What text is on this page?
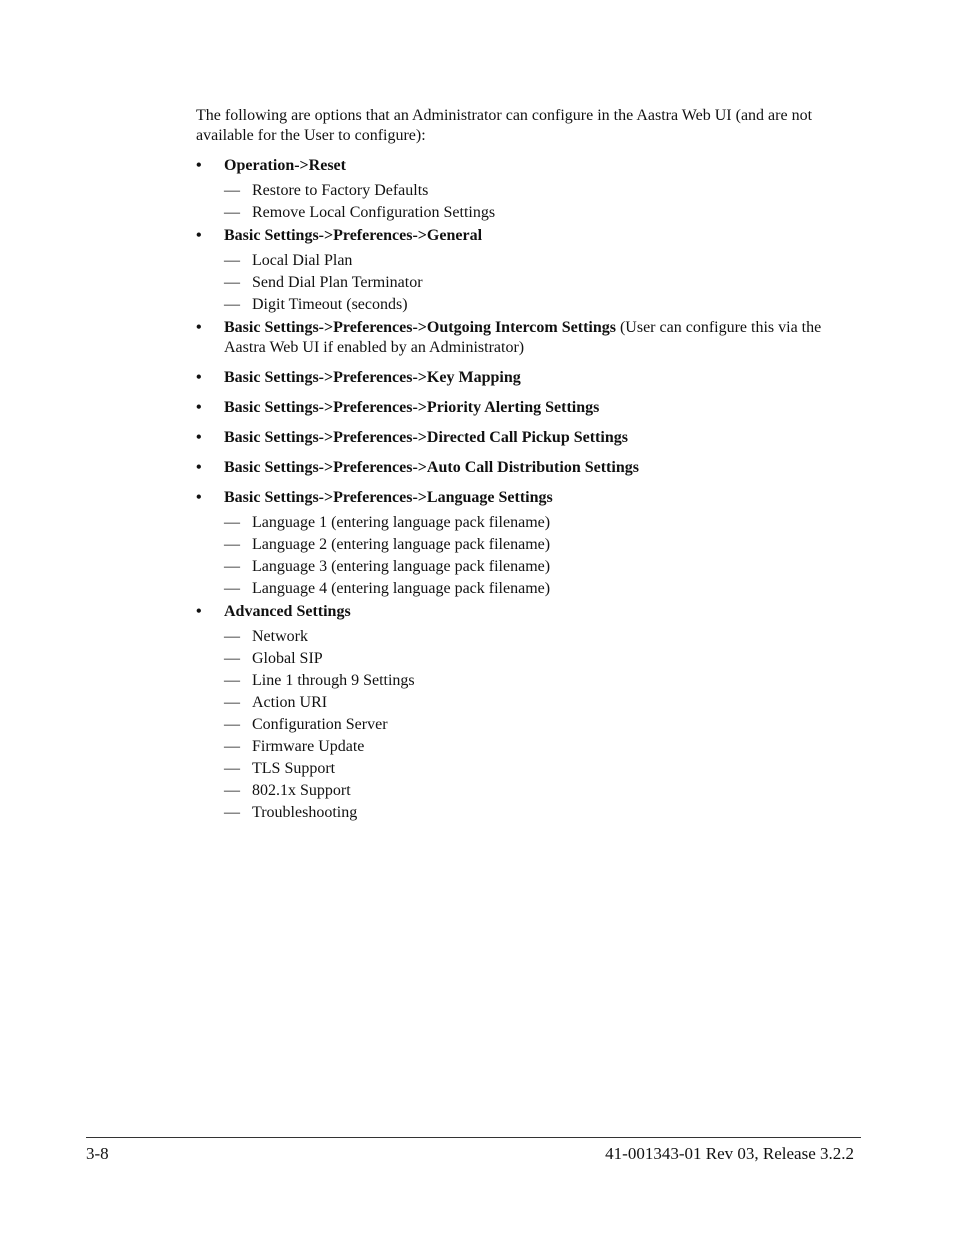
The following are options that an Administrator can configure in the Aastra Web UI (and are not available for the User to configure):

• Operation->Reset
— Restore to Factory Defaults
— Remove Local Configuration Settings
• Basic Settings->Preferences->General
— Local Dial Plan
— Send Dial Plan Terminator
— Digit Timeout (seconds)
• Basic Settings->Preferences->Outgoing Intercom Settings (User can configure this via the Aastra Web UI if enabled by an Administrator)
• Basic Settings->Preferences->Key Mapping
• Basic Settings->Preferences->Priority Alerting Settings
• Basic Settings->Preferences->Directed Call Pickup Settings
• Basic Settings->Preferences->Auto Call Distribution Settings
• Basic Settings->Preferences->Language Settings
— Language 1 (entering language pack filename)
— Language 2 (entering language pack filename)
— Language 3 (entering language pack filename)
— Language 4 (entering language pack filename)
• Advanced Settings
— Network
— Global SIP
— Line 1 through 9 Settings
— Action URI
— Configuration Server
— Firmware Update
— TLS Support
— 802.1x Support
— Troubleshooting
3-8	41-001343-01 Rev 03, Release 3.2.2
